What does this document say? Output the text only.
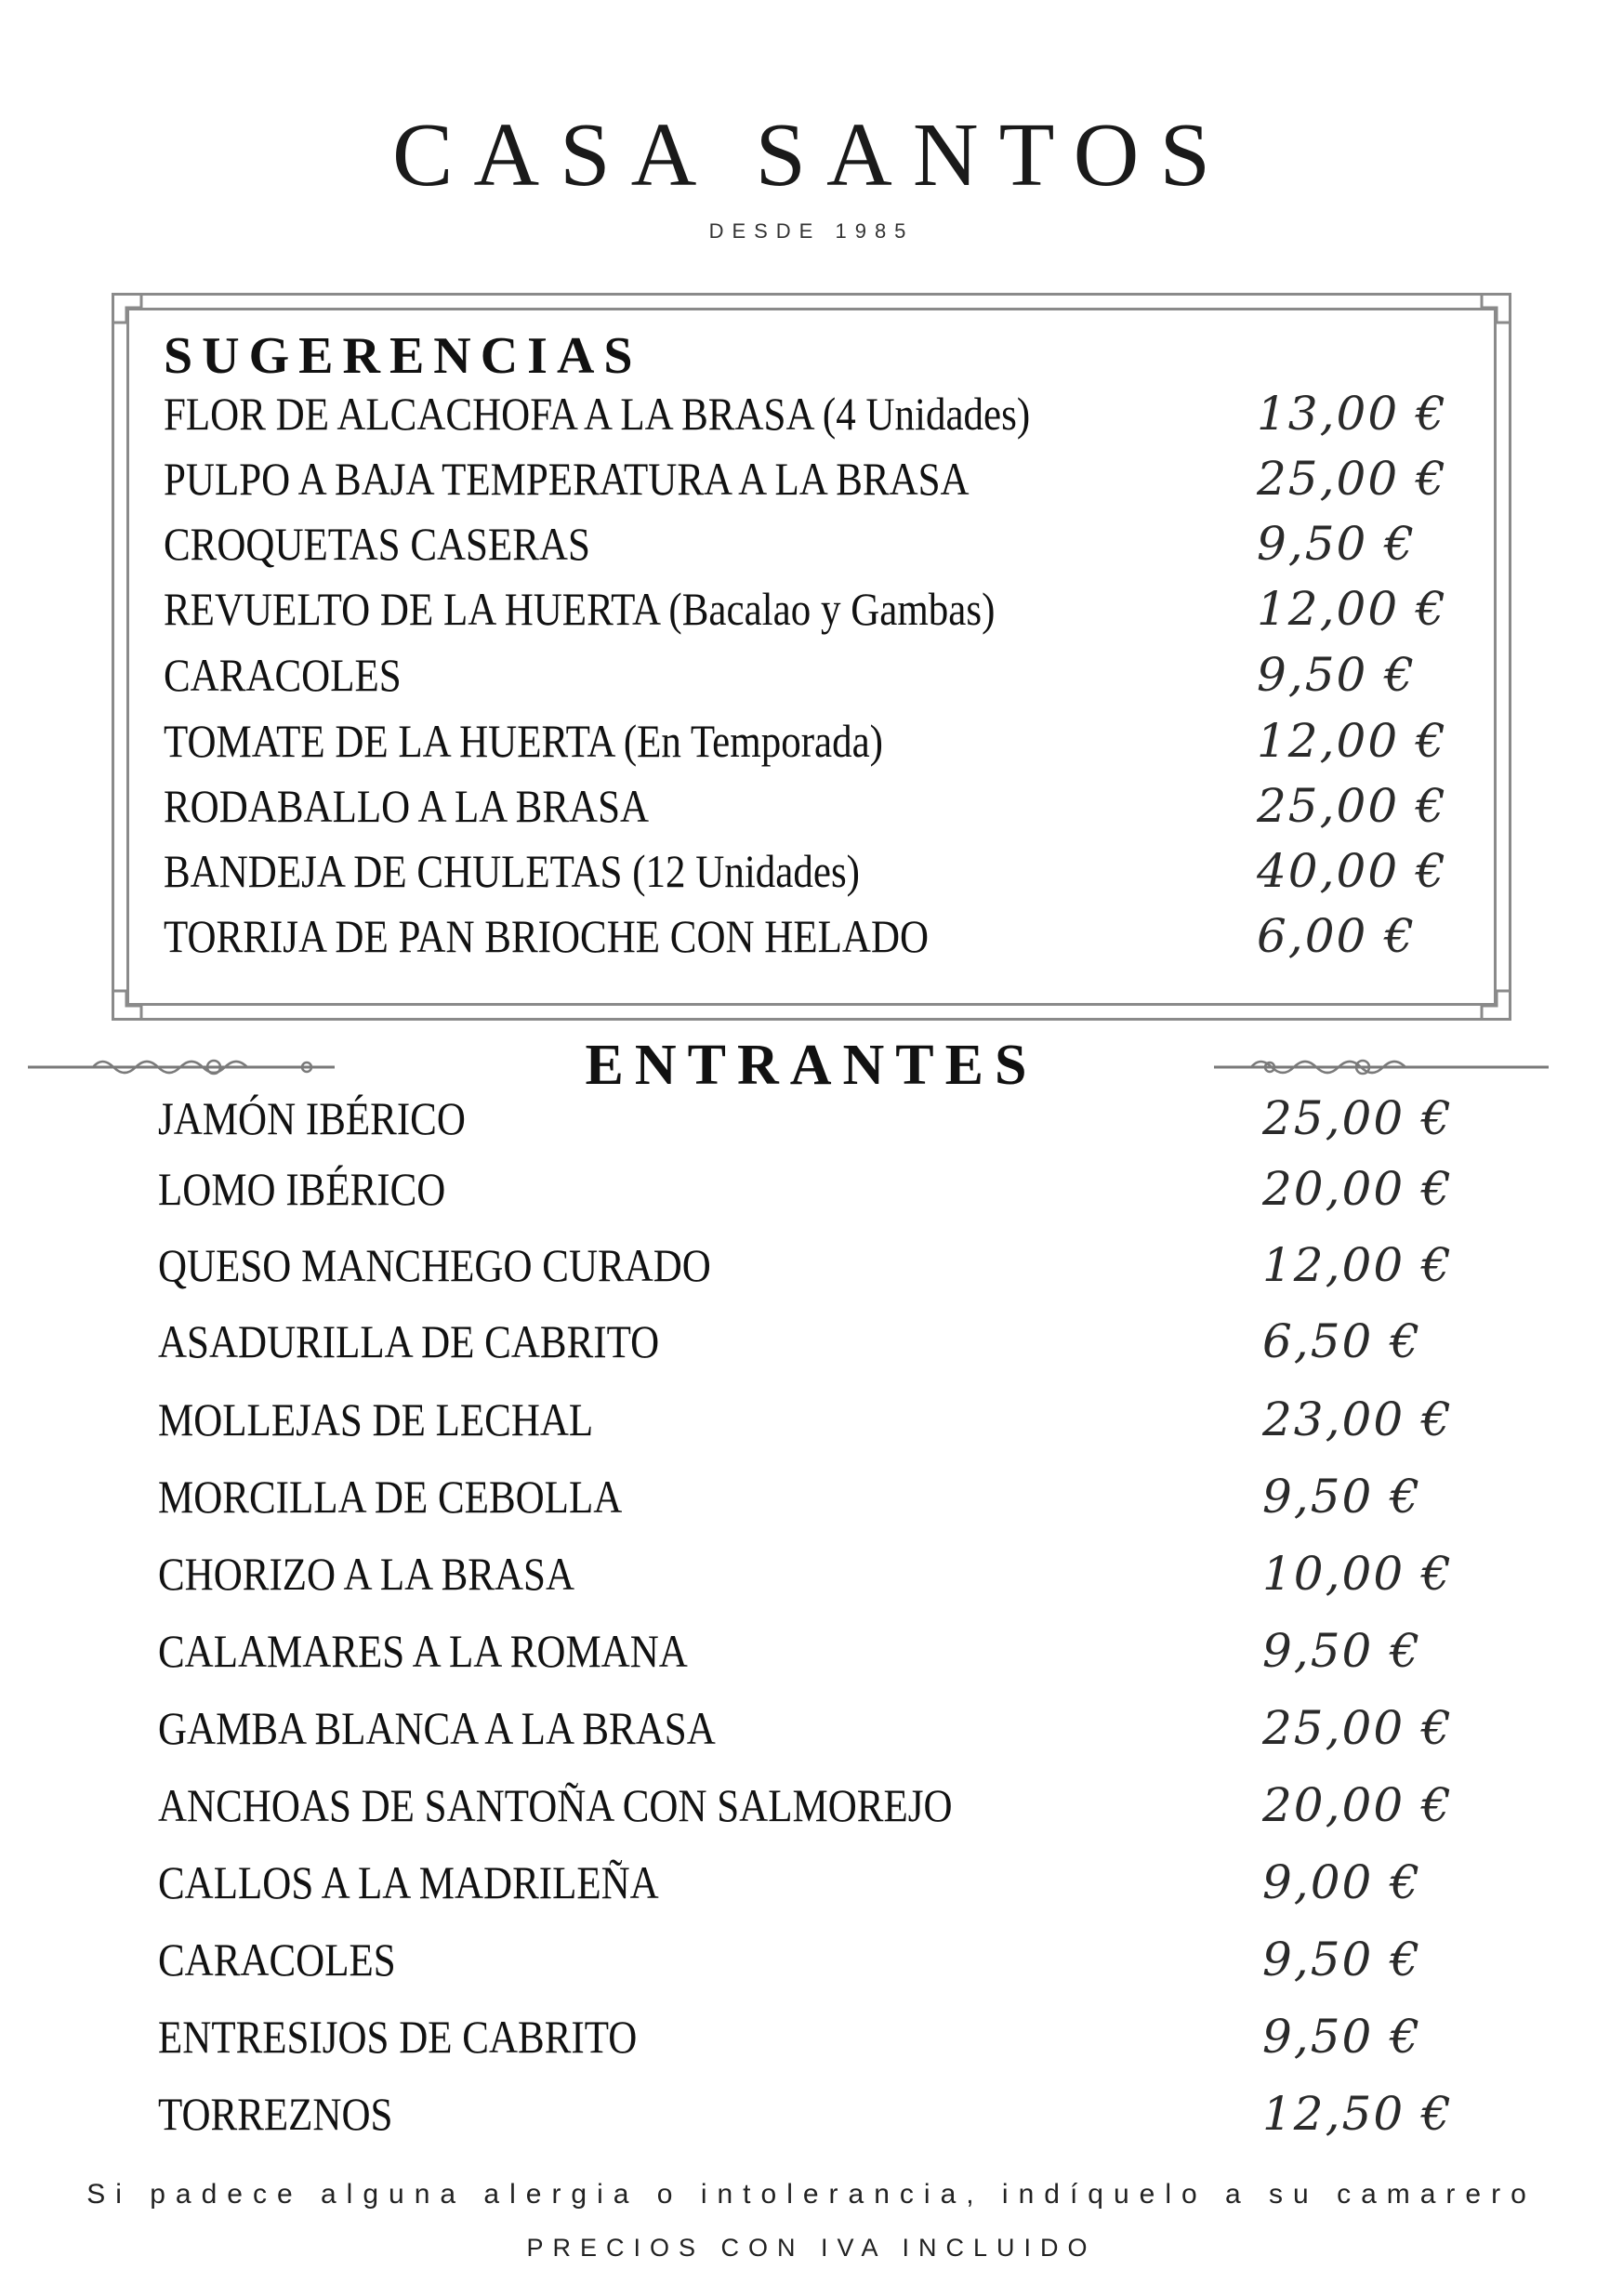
CASA SANTOS
DESDE 1985
SUGERENCIAS
FLOR DE ALCACHOFA A LA BRASA (4 Unidades)	13,00 €
PULPO A BAJA TEMPERATURA A LA BRASA	25,00 €
CROQUETAS CASERAS	9,50 €
REVUELTO DE LA HUERTA (Bacalao y Gambas)	12,00 €
CARACOLES	9,50 €
TOMATE DE LA HUERTA (En Temporada)	12,00 €
RODABALLO A LA BRASA	25,00 €
BANDEJA DE CHULETAS (12 Unidades)	40,00 €
TORRIJA DE PAN BRIOCHE CON HELADO	6,00 €
ENTRANTES
JAMÓN IBÉRICO	25,00 €
LOMO IBÉRICO	20,00 €
QUESO MANCHEGO CURADO	12,00 €
ASADURILLA DE CABRITO	6,50 €
MOLLEJAS DE LECHAL	23,00 €
MORCILLA DE CEBOLLA	9,50 €
CHORIZO A LA BRASA	10,00 €
CALAMARES A LA ROMANA	9,50 €
GAMBA BLANCA A LA BRASA	25,00 €
ANCHOAS DE SANTOÑA CON SALMOREJO	20,00 €
CALLOS A LA MADRILEÑA	9,00 €
CARACOLES	9,50 €
ENTRESIJOS DE CABRITO	9,50 €
TORREZNOS	12,50 €
Si padece alguna alergia o intolerancia, indíquelo a su camarero
PRECIOS CON IVA INCLUIDO
